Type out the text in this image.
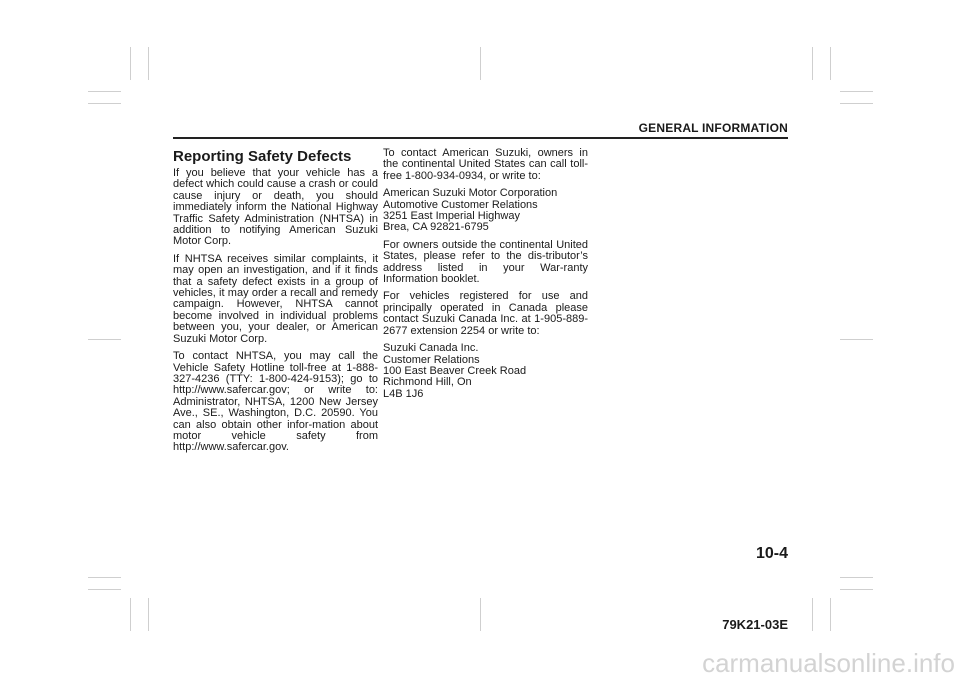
GENERAL INFORMATION
Reporting Safety Defects

If you believe that your vehicle has a defect which could cause a crash or could cause injury or death, you should immediately inform the National Highway Traffic Safety Administration (NHTSA) in addition to notifying American Suzuki Motor Corp.

If NHTSA receives similar complaints, it may open an investigation, and if it finds that a safety defect exists in a group of vehicles, it may order a recall and remedy campaign. However, NHTSA cannot become involved in individual problems between you, your dealer, or American Suzuki Motor Corp.

To contact NHTSA, you may call the Vehicle Safety Hotline toll-free at 1-888-327-4236 (TTY: 1-800-424-9153); go to http://www.safercar.gov; or write to: Administrator, NHTSA, 1200 New Jersey Ave., SE., Washington, D.C. 20590. You can also obtain other infor-mation about motor vehicle safety from http://www.safercar.gov.

To contact American Suzuki, owners in the continental United States can call toll-free 1-800-934-0934, or write to:

American Suzuki Motor Corporation
Automotive Customer Relations
3251 East Imperial Highway
Brea, CA 92821-6795

For owners outside the continental United States, please refer to the dis-tributor’s address listed in your War-ranty Information booklet.

For vehicles registered for use and principally operated in Canada please contact Suzuki Canada Inc. at 1-905-889-2677 extension 2254 or write to:

Suzuki Canada Inc.
Customer Relations
100 East Beaver Creek Road
Richmond Hill, On
L4B 1J6
10-4
79K21-03E
carmanualsonline.info
